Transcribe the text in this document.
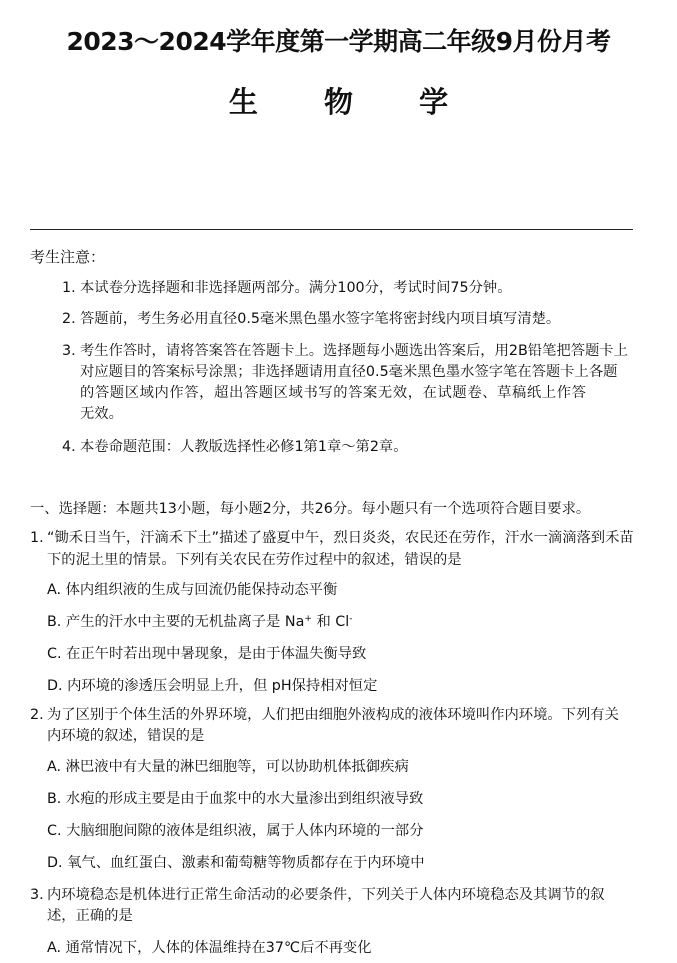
2023～2024学年度第一学期高二年级9月份月考
生 物 学
考生注意：
1. 本试卷分选择题和非选择题两部分。满分100分，考试时间75分钟。
2. 答题前，考生务必用直径0.5毫米黑色墨水签字笔将密封线内项目填写清楚。
3. 考生作答时，请将答案答在答题卡上。选择题每小题选出答案后，用2B铅笔把答题卡上
对应题目的答案标号涂黑；非选择题请用直径0.5毫米黑色墨水签字笔在答题卡上各题
的答题区域内作答，超出答题区域书写的答案无效，在试题卷、草稿纸上作答
无效。
4. 本卷命题范围：人教版选择性必修1第1章～第2章。
一、选择题：本题共13小题，每小题2分，共26分。每小题只有一个选项符合题目要求。
1. “锄禾日当午，汗滴禾下土”描述了盛夏中午，烈日炎炎，农民还在劳作，汗水一滴滴落到禾苗
下的泥土里的情景。下列有关农民在劳作过程中的叙述，错误的是
A. 体内组织液的生成与回流仍能保持动态平衡
B. 产生的汗水中主要的无机盐离子是 Na+ 和 Cl-
C. 在正午时若出现中暑现象，是由于体温失衡导致
D. 内环境的渗透压会明显上升，但 pH保持相对恒定
2. 为了区别于个体生活的外界环境，人们把由细胞外液构成的液体环境叫作内环境。下列有关
内环境的叙述，错误的是
A. 淋巴液中有大量的淋巴细胞等，可以协助机体抵御疾病
B. 水疱的形成主要是由于血浆中的水大量渗出到组织液导致
C. 大脑细胞间隙的液体是组织液，属于人体内环境的一部分
D. 氧气、血红蛋白、激素和葡萄糖等物质都存在于内环境中
3. 内环境稳态是机体进行正常生命活动的必要条件，下列关于人体内环境稳态及其调节的叙
述，正确的是
A. 通常情况下，人体的体温维持在37℃后不再变化
